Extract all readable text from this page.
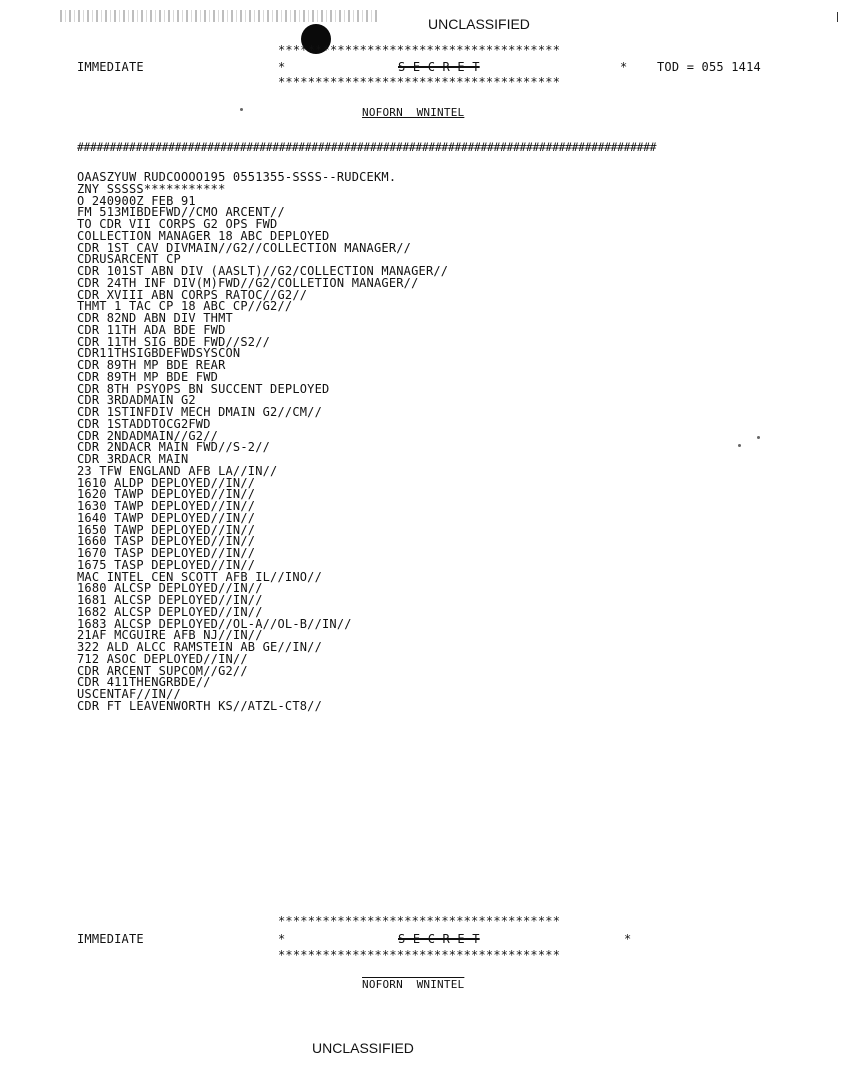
UNCLASSIFIED
**************************************
IMMEDIATE	*	S E C R E T	* TOD = 055 1414
**************************************
NOFORN  WNINTEL
#########################################################################################
OAASZYUW RUDCOOOO195 0551355-SSSS--RUDCEKM.
ZNY SSSSS***********
O 240900Z FEB 91
FM 513MIBDEFWD//CMO ARCENT//
TO CDR VII CORPS G2 OPS FWD
COLLECTION MANAGER 18 ABC DEPLOYED
CDR 1ST CAV DIVMAIN//G2//COLLECTION MANAGER//
CDRUSARCENT CP
CDR 101ST ABN DIV (AASLT)//G2/COLLECTION MANAGER//
CDR 24TH INF DIV(M)FWD//G2/COLLETION MANAGER//
CDR XVIII ABN CORPS RATOC//G2//
THMT 1 TAC CP 18 ABC CP//G2//
CDR 82ND ABN DIV THMT
CDR 11TH ADA BDE FWD
CDR 11TH SIG BDE FWD//S2//
CDR11THSIGBDEFWDSYSCON
CDR 89TH MP BDE REAR
CDR 89TH MP BDE FWD
CDR 8TH PSYOPS BN SUCCENT DEPLOYED
CDR 3RDADMAIN G2
CDR 1STINFDIV MECH DMAIN G2//CM//
CDR 1STADDTOCG2FWD
CDR 2NDADMAIN//G2//
CDR 2NDACR MAIN FWD//S-2//
CDR 3RDACR MAIN
23 TFW ENGLAND AFB LA//IN//
1610 ALDP DEPLOYED//IN//
1620 TAWP DEPLOYED//IN//
1630 TAWP DEPLOYED//IN//
1640 TAWP DEPLOYED//IN//
1650 TAWP DEPLOYED//IN//
1660 TASP DEPLOYED//IN//
1670 TASP DEPLOYED//IN//
1675 TASP DEPLOYED//IN//
MAC INTEL CEN SCOTT AFB IL//INO//
1680 ALCSP DEPLOYED//IN//
1681 ALCSP DEPLOYED//IN//
1682 ALCSP DEPLOYED//IN//
1683 ALCSP DEPLOYED//OL-A//OL-B//IN//
21AF MCGUIRE AFB NJ//IN//
322 ALD ALCC RAMSTEIN AB GE//IN//
712 ASOC DEPLOYED//IN//
CDR ARCENT SUPCOM//G2//
CDR 411THENGRBDE//
USCENTAF//IN//
CDR FT LEAVENWORTH KS//ATZL-CT8//
**************************************
IMMEDIATE	*	S E C R E T	*
**************************************
NOFORN  WNINTEL
UNCLASSIFIED
